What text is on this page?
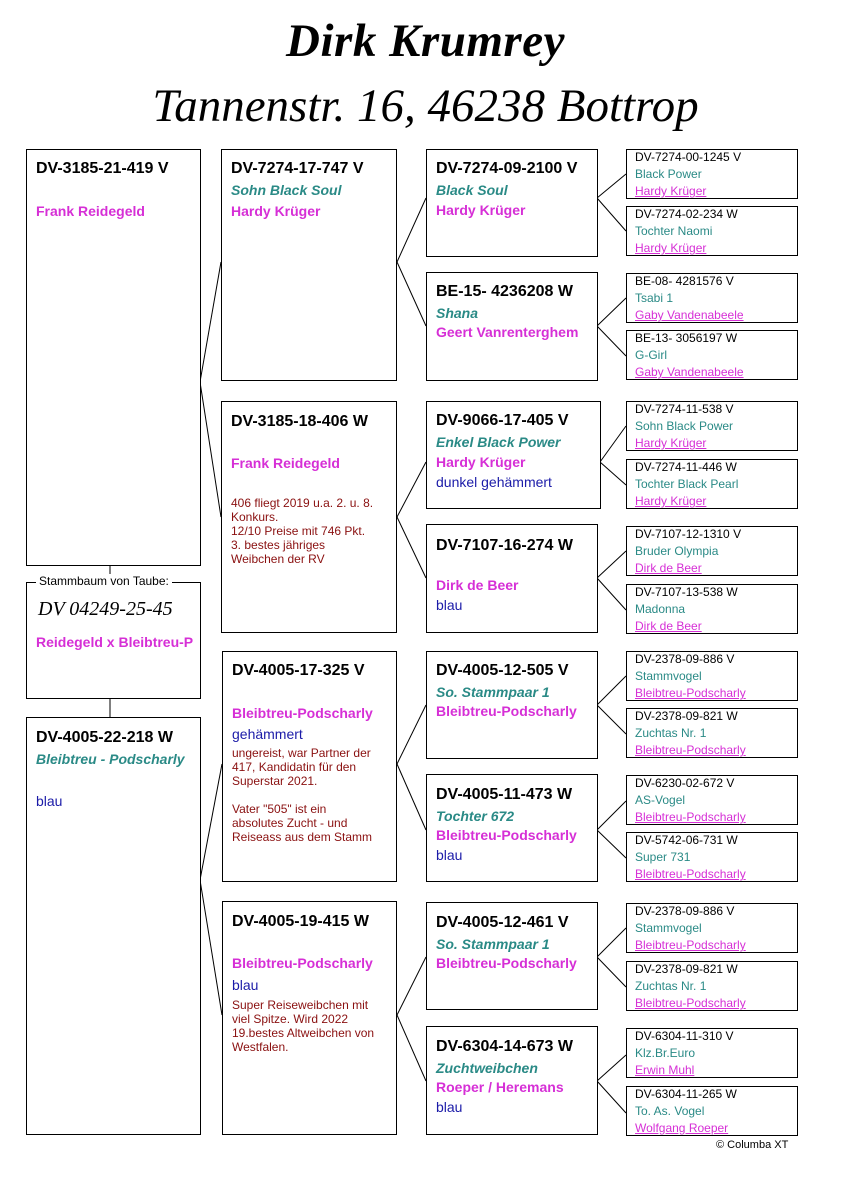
Dirk Krumrey
Tannenstr. 16, 46238 Bottrop
DV-3185-21-419 V
Frank Reidegeld
Stammbaum von Taube:
DV 04249-25-45
Reidegeld x Bleibtreu-P
DV-4005-22-218 W
Bleibtreu - Podscharly
blau
DV-7274-17-747 V
Sohn Black Soul
Hardy Krüger
DV-3185-18-406 W
Frank Reidegeld
406 fliegt 2019 u.a. 2. u. 8.
Konkurs.
12/10 Preise mit 746 Pkt.
3. bestes jähriges
Weibchen der RV
DV-4005-17-325 V
Bleibtreu-Podscharly
gehämmert
ungereist, war Partner der
417, Kandidatin für den
Superstar 2021.
Vater "505" ist ein
absolutes Zucht - und
Reiseass aus dem Stamm
DV-4005-19-415 W
Bleibtreu-Podscharly
blau
Super Reiseweibchen mit
viel Spitze. Wird 2022
19.bestes Altweibchen von
Westfalen.
DV-7274-09-2100 V
Black Soul
Hardy Krüger
BE-15- 4236208 W
Shana
Geert Vanrenterghem
DV-9066-17-405 V
Enkel Black Power
Hardy Krüger
dunkel gehämmert
DV-7107-16-274 W
Dirk de Beer
blau
DV-4005-12-505 V
So. Stammpaar 1
Bleibtreu-Podscharly
DV-4005-11-473 W
Tochter 672
Bleibtreu-Podscharly
blau
DV-4005-12-461 V
So. Stammpaar 1
Bleibtreu-Podscharly
DV-6304-14-673 W
Zuchtweibchen
Roeper / Heremans
blau
DV-7274-00-1245 V
Black Power
Hardy Krüger
DV-7274-02-234 W
Tochter Naomi
Hardy Krüger
BE-08- 4281576 V
Tsabi 1
Gaby Vandenabeele
BE-13- 3056197 W
G-Girl
Gaby Vandenabeele
DV-7274-11-538 V
Sohn Black Power
Hardy Krüger
DV-7274-11-446 W
Tochter Black Pearl
Hardy Krüger
DV-7107-12-1310 V
Bruder Olympia
Dirk de Beer
DV-7107-13-538 W
Madonna
Dirk de Beer
DV-2378-09-886 V
Stammvogel
Bleibtreu-Podscharly
DV-2378-09-821 W
Zuchtas Nr. 1
Bleibtreu-Podscharly
DV-6230-02-672 V
AS-Vogel
Bleibtreu-Podscharly
DV-5742-06-731 W
Super 731
Bleibtreu-Podscharly
DV-2378-09-886 V
Stammvogel
Bleibtreu-Podscharly
DV-2378-09-821 W
Zuchtas Nr. 1
Bleibtreu-Podscharly
DV-6304-11-310 V
Klz.Br.Euro
Erwin Muhl
DV-6304-11-265 W
To. As. Vogel
Wolfgang Roeper
© Columba XT
